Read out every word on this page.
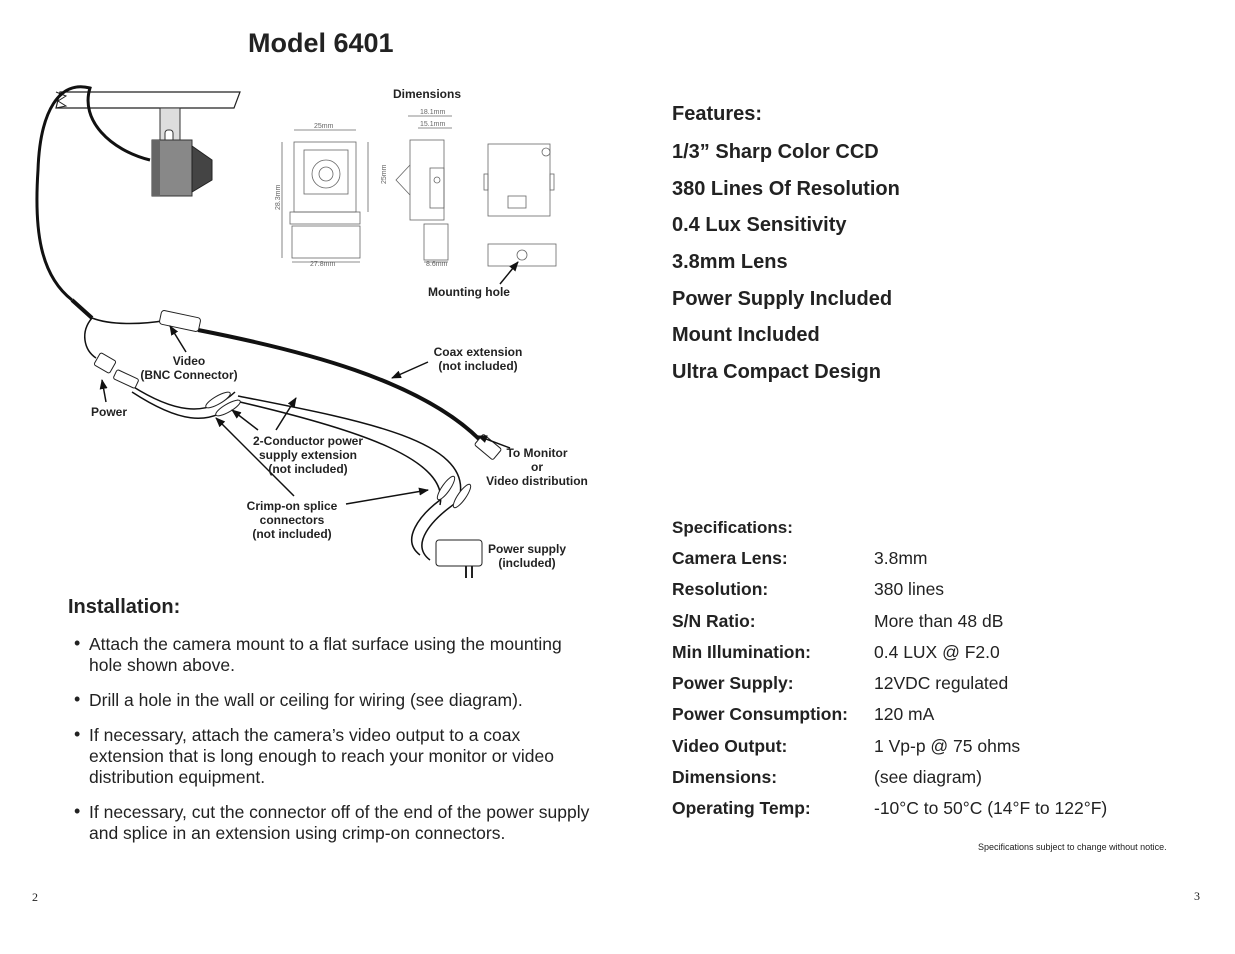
Model 6401
25mm
25mm
28.3mm
27.8mm
18.1mm
15.1mm
8.6mm
Dimensions
Mounting hole
Video
(BNC Connector)
Power
Coax extension
(not included)
2-Conductor power
supply extension
(not included)
To Monitor
or
Video distribution
Crimp-on splice
connectors
(not included)
Power supply
(included)
Installation:
• Attach the camera mount to a flat surface using the mounting hole shown above.
• Drill a hole in the wall or ceiling for wiring (see diagram).
• If necessary, attach the camera’s video output to a coax extension that is long enough to reach your monitor or video distribution equipment.
• If necessary, cut the connector off of the end of the power supply and splice in an extension using crimp-on connectors.
Features:
1/3” Sharp Color CCD
380 Lines Of Resolution
0.4 Lux Sensitivity
3.8mm Lens
Power Supply Included
Mount Included
Ultra Compact Design
Specifications:
Camera Lens:	3.8mm
Resolution:	380 lines
S/N Ratio:	More than 48 dB
Min Illumination:	0.4 LUX @ F2.0
Power Supply:	12VDC regulated
Power Consumption:	120 mA
Video Output:	1 Vp-p @ 75 ohms
Dimensions:	(see diagram)
Operating Temp:	-10°C to 50°C (14°F to 122°F)
Specifications subject to change without notice.
2	3
